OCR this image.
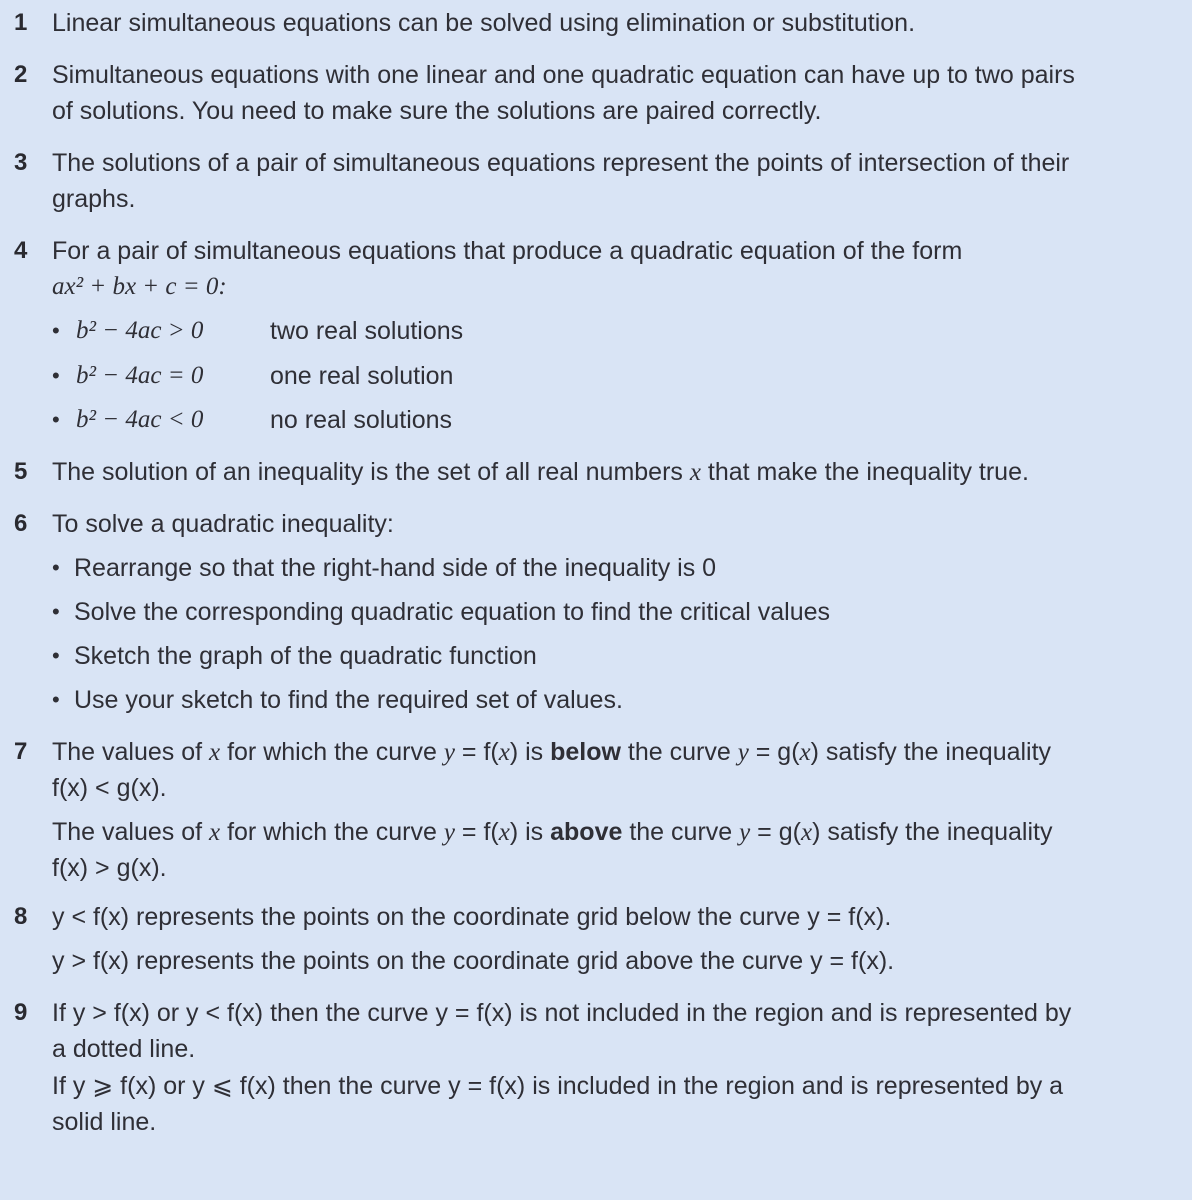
1
2
3
4
5
6
7
8
9
Linear simultaneous equations can be solved using elimination or substitution.
Simultaneous equations with one linear and one quadratic equation can have up to two pairs
of solutions. You need to make sure the solutions are paired correctly.
The solutions of a pair of simultaneous equations represent the points of intersection of their
graphs.
For a pair of simultaneous equations that produce a quadratic equation of the form
ax² + bx + c = 0:
• b² − 4ac > 0	two real solutions
• b² − 4ac = 0	one real solution
• b² − 4ac < 0	no real solutions
The solution of an inequality is the set of all real numbers x that make the inequality true.
To solve a quadratic inequality:
• Rearrange so that the right-hand side of the inequality is 0
• Solve the corresponding quadratic equation to find the critical values
• Sketch the graph of the quadratic function
• Use your sketch to find the required set of values.
The values of x for which the curve y = f(x) is below the curve y = g(x) satisfy the inequality
f(x) < g(x).
The values of x for which the curve y = f(x) is above the curve y = g(x) satisfy the inequality
f(x) > g(x).
y < f(x) represents the points on the coordinate grid below the curve y = f(x).
y > f(x) represents the points on the coordinate grid above the curve y = f(x).
If y > f(x) or y < f(x) then the curve y = f(x) is not included in the region and is represented by
a dotted line.
If y ⩾ f(x) or y ⩽ f(x) then the curve y = f(x) is included in the region and is represented by a
solid line.
